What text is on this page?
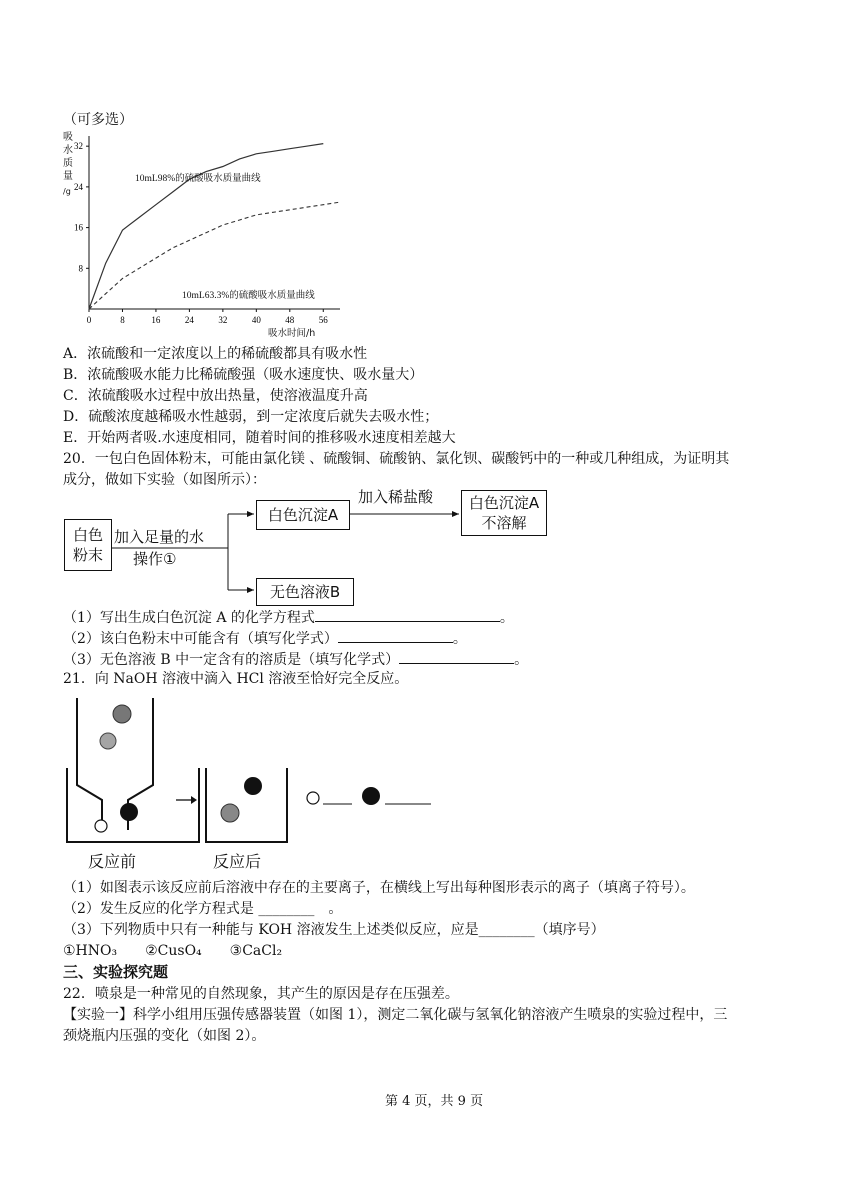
（可多选）
吸
水
质
量
/g
8
16
24
32
0	8	16	24	32	40	48	56
10mL98%的硫酸吸水质量曲线
10mL63.3%的硫酸吸水质量曲线
吸水时间/h
A．浓硫酸和一定浓度以上的稀硫酸都具有吸水性
B．浓硫酸吸水能力比稀硫酸强（吸水速度快、吸水量大）
C．浓硫酸吸水过程中放出热量，使溶液温度升高
D．硫酸浓度越稀吸水性越弱，到一定浓度后就失去吸水性；
E．开始两者吸.水速度相同，随着时间的推移吸水速度相差越大
20．一包白色固体粉末，可能由氯化镁 、硫酸铜、硫酸钠、氯化钡、碳酸钙中的一种或几种组成，为证明其
成分，做如下实验（如图所示）：
白色
粉末
加入足量的水
操作①
白色沉淀A
加入稀盐酸 白色沉淀A
不溶解
无色溶液B
（1）写出生成白色沉淀 A 的化学方程式	。
（2）该白色粉末中可能含有（填写化学式）	。
（3）无色溶液 B 中一定含有的溶质是（填写化学式）	。
21．向 NaOH 溶液中滴入 HCl 溶液至恰好完全反应。
反应前	反应后
（1）如图表示该反应前后溶液中存在的主要离子，在横线上写出每种图形表示的离子（填离子符号）。
（2）发生反应的化学方程式是 ________　。
（3）下列物质中只有一种能与 KOH 溶液发生上述类似反应，应是________（填序号）
①HNO₃　　②CusO₄　　③CaCl₂
三、实验探究题
22．喷泉是一种常见的自然现象，其产生的原因是存在压强差。
【实验一】科学小组用压强传感器装置（如图 1），测定二氧化碳与氢氧化钠溶液产生喷泉的实验过程中，三
颈烧瓶内压强的变化（如图 2）。
第 4 页，共 9 页
